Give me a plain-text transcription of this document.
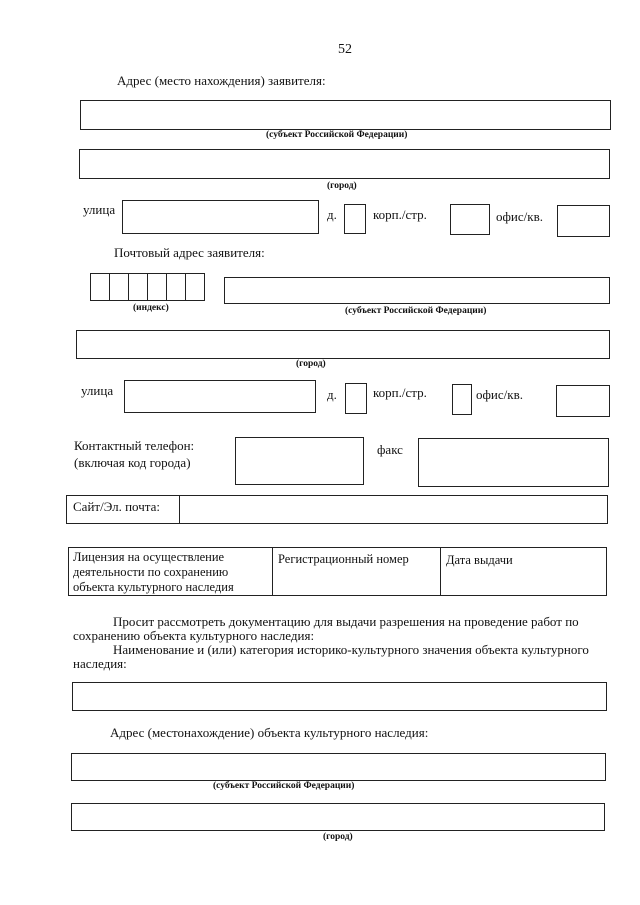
52
Адрес (место нахождения) заявителя:
(субъект Российской Федерации)
(город)
улица	д.	корп./стр.	офис/кв.
Почтовый адрес заявителя:
(индекс)	(субъект Российской Федерации)
(город)
улица	д.	корп./стр.	офис/кв.
Контактный телефон:
(включая код города)
факс
Сайт/Эл. почта:
Лицензия на осуществление
деятельности по сохранению
объекта культурного наследия
Регистрационный номер	Дата выдачи
Просит рассмотреть документацию для выдачи разрешения на проведение работ по
сохранению объекта культурного наследия:
Наименование и (или) категория историко-культурного значения объекта культурного
наследия:
Адрес (местонахождение) объекта культурного наследия:
(субъект Российской Федерации)
(город)
